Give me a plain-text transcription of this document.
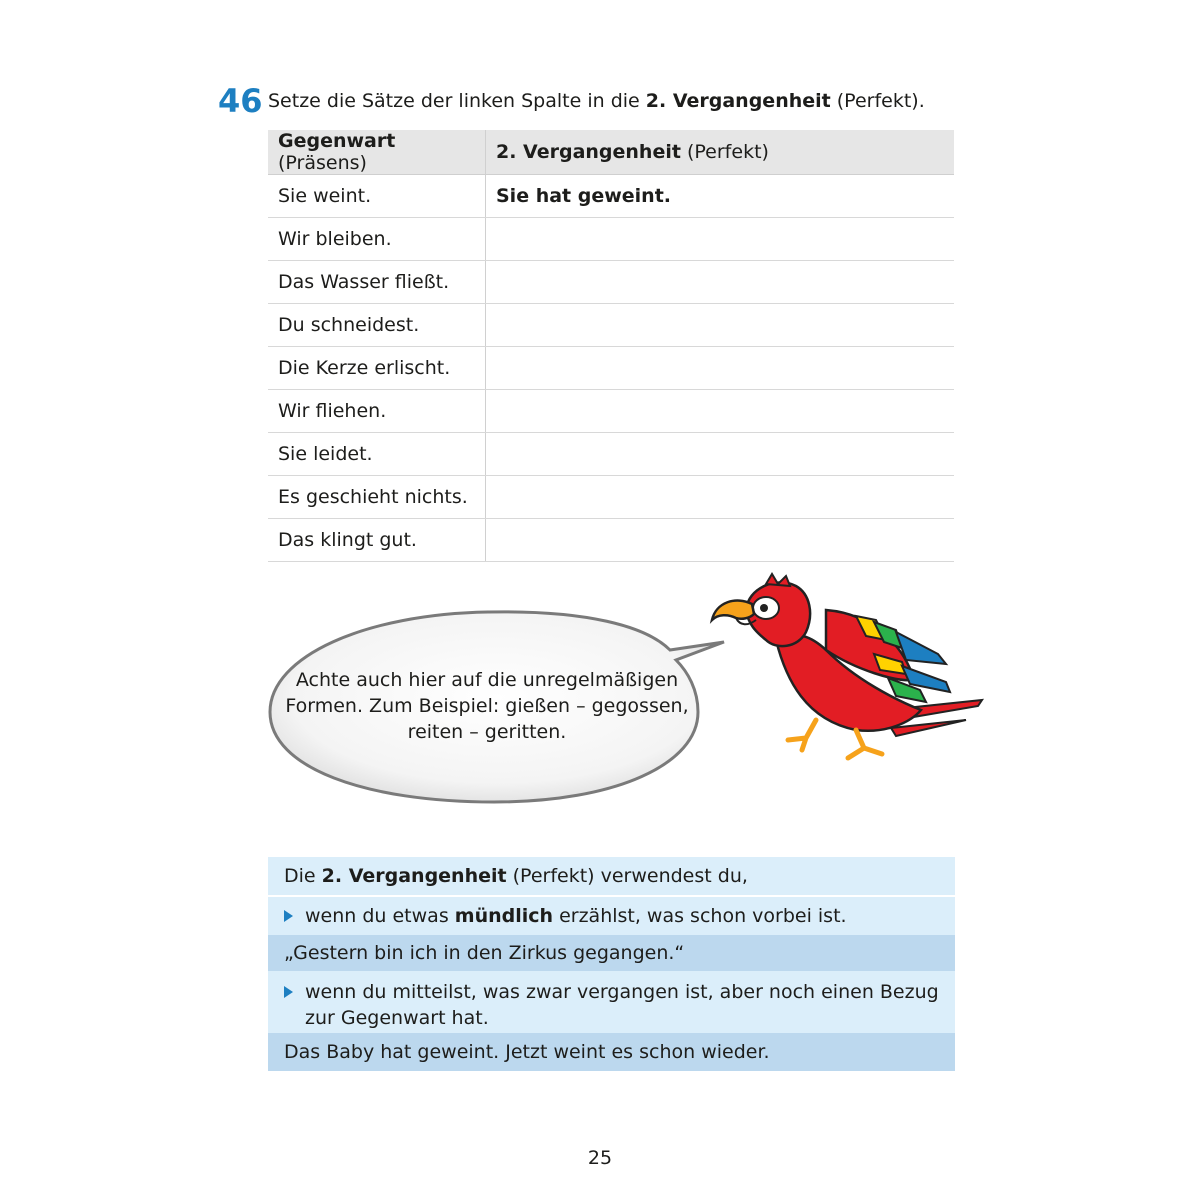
46 Setze die Sätze der linken Spalte in die 2. Vergangenheit (Perfekt).
Gegenwart (Präsens)	2. Vergangenheit (Perfekt)
Sie weint.	Sie hat geweint.
Wir bleiben.	
Das Wasser fließt.	
Du schneidest.	
Die Kerze erlischt.	
Wir fliehen.	
Sie leidet.	
Es geschieht nichts.	
Das klingt gut.	
Achte auch hier auf die unregelmäßigen
Formen. Zum Beispiel: gießen – gegossen,
reiten – geritten.
Die 2. Vergangenheit (Perfekt) verwendest du,
wenn du etwas mündlich erzählst, was schon vorbei ist.
„Gestern bin ich in den Zirkus gegangen.“
wenn du mitteilst, was zwar vergangen ist, aber noch einen Bezug
zur Gegenwart hat.
Das Baby hat geweint. Jetzt weint es schon wieder.
25
